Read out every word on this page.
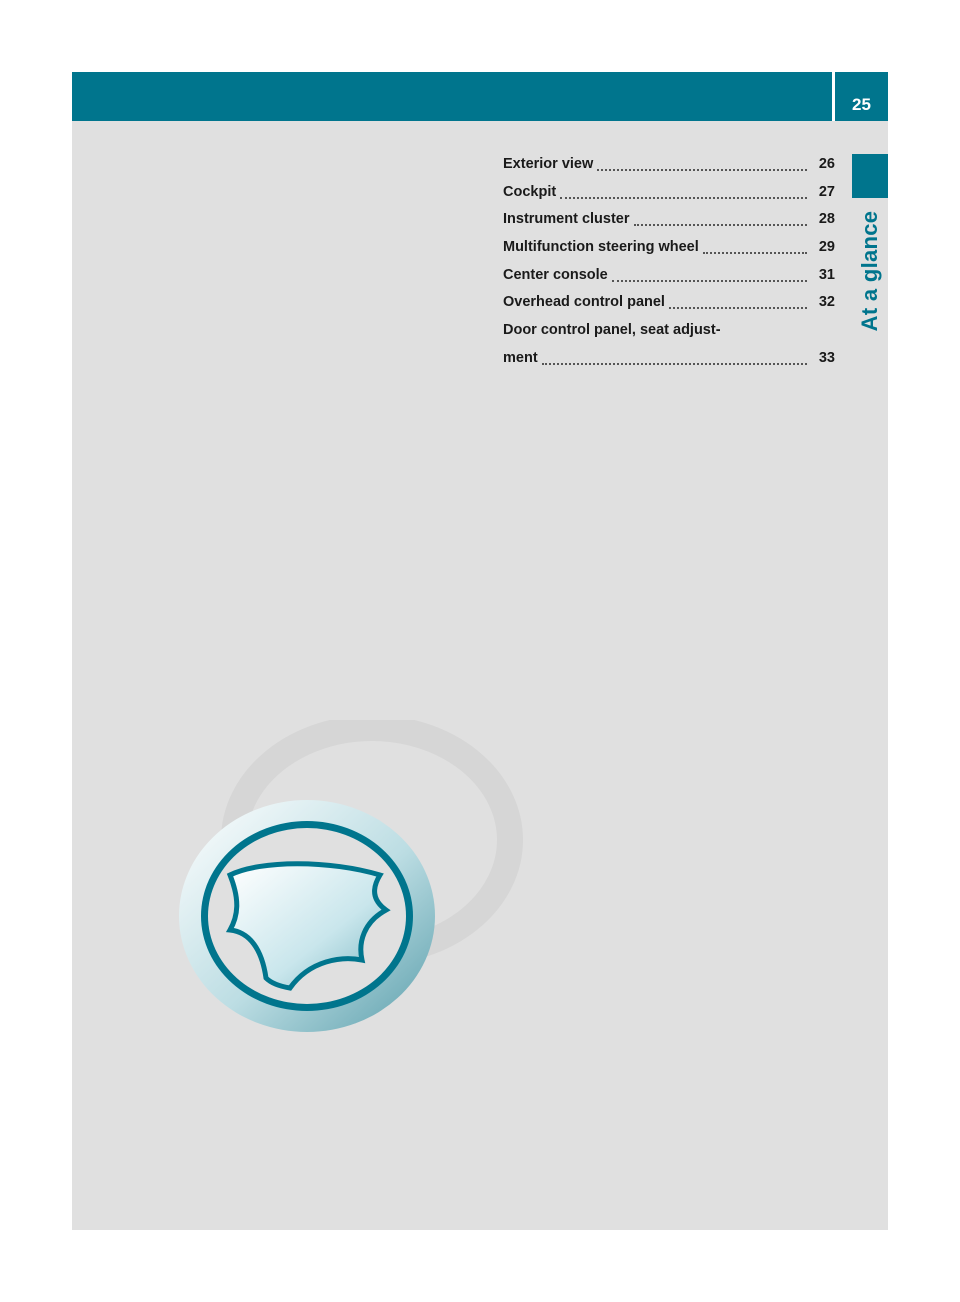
25
At a glance
Exterior view	26
Cockpit	27
Instrument cluster	28
Multifunction steering wheel	29
Center console	31
Overhead control panel	32
Door control panel, seat adjust-
ment	33
